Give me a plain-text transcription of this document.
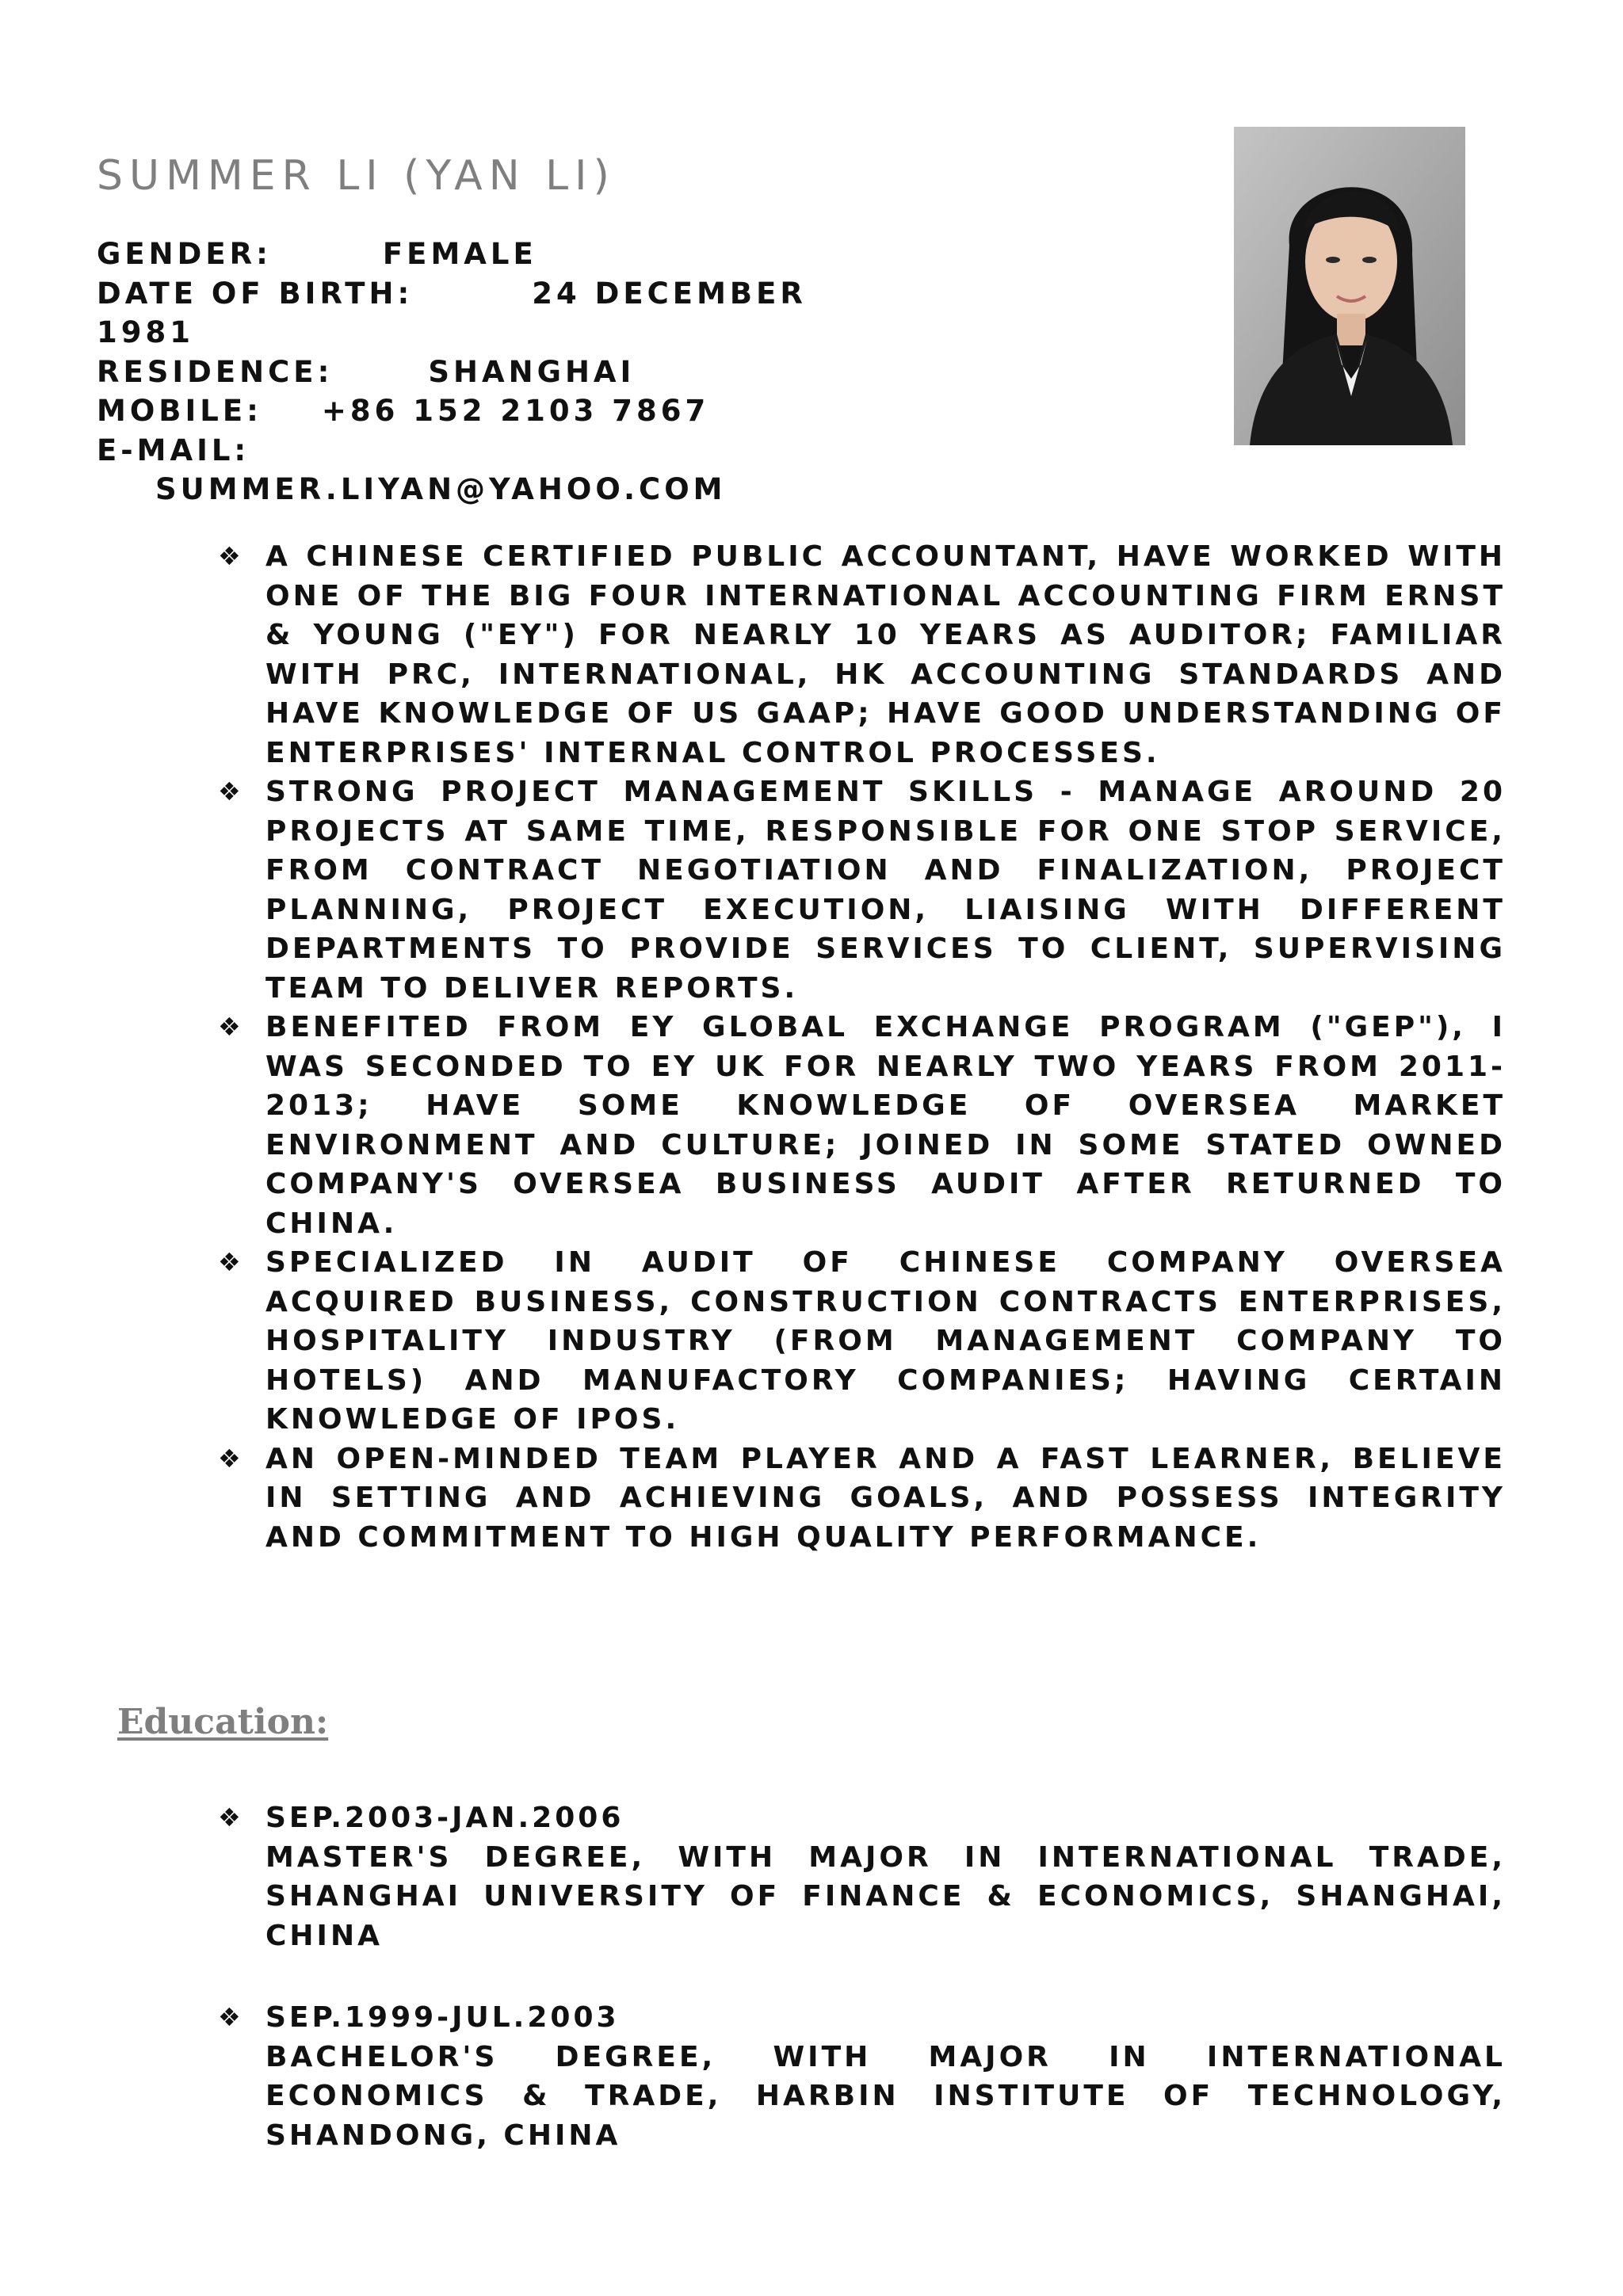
SUMMER LI (YAN LI)
GENDER:	FEMALE
DATE OF BIRTH:	24 DECEMBER
1981
RESIDENCE:	SHANGHAI
MOBILE: +86 152 2103 7867
E-MAIL:
SUMMER.LIYAN@YAHOO.COM
❖ A CHINESE CERTIFIED PUBLIC ACCOUNTANT, HAVE WORKED WITH ONE OF THE BIG FOUR INTERNATIONAL ACCOUNTING FIRM ERNST & YOUNG ("EY") FOR NEARLY 10 YEARS AS AUDITOR; FAMILIAR WITH PRC, INTERNATIONAL, HK ACCOUNTING STANDARDS AND HAVE KNOWLEDGE OF US GAAP; HAVE GOOD UNDERSTANDING OF ENTERPRISES' INTERNAL CONTROL PROCESSES.
❖ STRONG PROJECT MANAGEMENT SKILLS - MANAGE AROUND 20 PROJECTS AT SAME TIME, RESPONSIBLE FOR ONE STOP SERVICE, FROM CONTRACT NEGOTIATION AND FINALIZATION, PROJECT PLANNING, PROJECT EXECUTION, LIAISING WITH DIFFERENT DEPARTMENTS TO PROVIDE SERVICES TO CLIENT, SUPERVISING TEAM TO DELIVER REPORTS.
❖ BENEFITED FROM EY GLOBAL EXCHANGE PROGRAM ("GEP"), I WAS SECONDED TO EY UK FOR NEARLY TWO YEARS FROM 2011- 2013; HAVE SOME KNOWLEDGE OF OVERSEA MARKET ENVIRONMENT AND CULTURE; JOINED IN SOME STATED OWNED COMPANY'S OVERSEA BUSINESS AUDIT AFTER RETURNED TO CHINA.
❖ SPECIALIZED IN AUDIT OF CHINESE COMPANY OVERSEA ACQUIRED BUSINESS, CONSTRUCTION CONTRACTS ENTERPRISES, HOSPITALITY INDUSTRY (FROM MANAGEMENT COMPANY TO HOTELS) AND MANUFACTORY COMPANIES; HAVING CERTAIN KNOWLEDGE OF IPOS.
❖ AN OPEN-MINDED TEAM PLAYER AND A FAST LEARNER, BELIEVE IN SETTING AND ACHIEVING GOALS, AND POSSESS INTEGRITY AND COMMITMENT TO HIGH QUALITY PERFORMANCE.
Education:
❖ SEP.2003-JAN.2006
MASTER'S DEGREE, WITH MAJOR IN INTERNATIONAL TRADE, SHANGHAI UNIVERSITY OF FINANCE & ECONOMICS, SHANGHAI, CHINA
❖ SEP.1999-JUL.2003
BACHELOR'S DEGREE, WITH MAJOR IN INTERNATIONAL ECONOMICS & TRADE, HARBIN INSTITUTE OF TECHNOLOGY, SHANDONG, CHINA
